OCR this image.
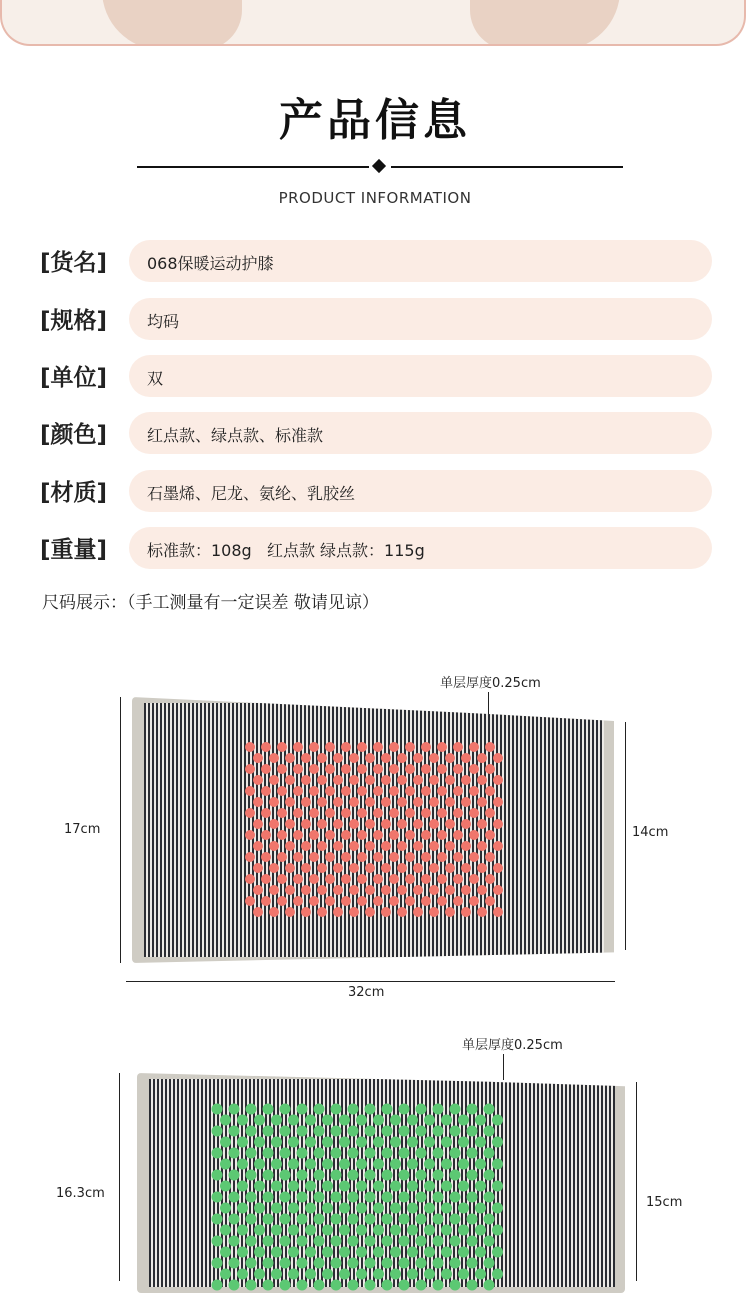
产品信息
PRODUCT INFORMATION
[货名] 068保暖运动护膝
[规格] 均码
[单位] 双
[颜色] 红点款、绿点款、标准款
[材质] 石墨烯、尼龙、氨纶、乳胶丝
[重量] 标准款：108g   红点款 绿点款：115g
尺码展示：（手工测量有一定误差 敬请见谅）
单层厚度0.25cm
17cm	14cm
32cm
单层厚度0.25cm
16.3cm
15cm
